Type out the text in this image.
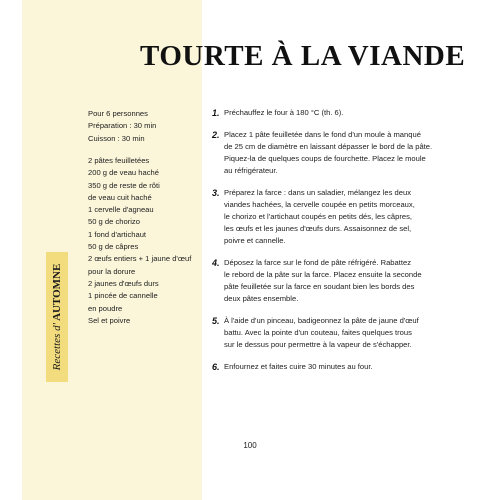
Recettes d' AUTOMNE
TOURTE À LA VIANDE
Pour 6 personnes
Préparation : 30 min
Cuisson : 30 min
2 pâtes feuilletées
200 g de veau haché
350 g de reste de rôti
de veau cuit haché
1 cervelle d'agneau
50 g de chorizo
1 fond d'artichaut
50 g de câpres
2 œufs entiers + 1 jaune d'œuf
pour la dorure
2 jaunes d'œufs durs
1 pincée de cannelle
en poudre
Sel et poivre
1. Préchauffez le four à 180 °C (th. 6).
2. Placez 1 pâte feuilletée dans le fond d'un moule à manqué
de 25 cm de diamètre en laissant dépasser le bord de la pâte.
Piquez-la de quelques coups de fourchette. Placez le moule
au réfrigérateur.
3. Préparez la farce : dans un saladier, mélangez les deux
viandes hachées, la cervelle coupée en petits morceaux,
le chorizo et l'artichaut coupés en petits dés, les câpres,
les œufs et les jaunes d'œufs durs. Assaisonnez de sel,
poivre et cannelle.
4. Déposez la farce sur le fond de pâte réfrigéré. Rabattez
le rebord de la pâte sur la farce. Placez ensuite la seconde
pâte feuilletée sur la farce en soudant bien les bords des
deux pâtes ensemble.
5. À l'aide d'un pinceau, badigeonnez la pâte de jaune d'œuf
battu. Avec la pointe d'un couteau, faites quelques trous
sur le dessus pour permettre à la vapeur de s'échapper.
6. Enfournez et faites cuire 30 minutes au four.
100
